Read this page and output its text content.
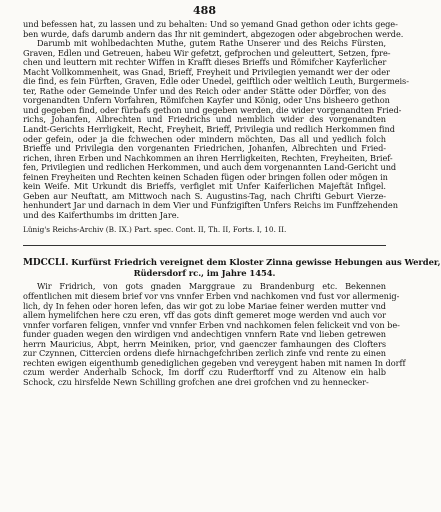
488
und befessen hat, zu lassen und zu behalten: Und so yemand Gnad gethon oder ichts gege-
ben wurde, dafs darumb andern das Ihr nit gemindert, abgezogen oder abgebrochen werde.
Darumb mit wohlbedachten Muthe, gutem Rathe Unserer und des Reichs Fürsten,
Graven, Edlen und Getreuen, habeu Wir gefetzt, gefprochen und geleuttert, Setzen, fpre-
chen und leuttern mit rechter Wiffen in Krafft dieses Brieffs und Römifcher Kayferlicher
Macht Vollkommenheit, was Gnad, Brieff, Freyheit und Privilegien yemandt wer der oder
die find, es fein Fürften, Graven, Edle oder Unedel, geiftlich oder weltlich Leuth, Burgermeis-
ter, Rathe oder Gemeinde Unfer und des Reich oder ander Stätte oder Dörffer, von des
vorgenandten Unfern Vorfahren, Römifchen Kayfer und König, oder Uns bisheero gethon
und gegeben find, oder fürbafs gethon und gegeben werden, die wider vorgenandten Fried-
richs, Johanfen, Albrechten und Friedrichs und nemblich wider des vorgenandten
Landt-Gerichts Herrligkeit, Recht, Freyheit, Brieff, Privilegia und redlich Herkommen find
oder gefein, oder ja die fchwechen oder mindern möchten, Das all und yedlich folch
Brieffe und Privilegia den vorgenanten Friedrichen, Johanfen, Albrechten und Fried-
richen, ihren Erben und Nachkommen an ihren Herrligkeiten, Rechten, Freyheiten, Brief-
fen, Privilegien und redlichen Herkommen, und auch dem vorgenannten Land-Gericht und
feinen Freyheiten und Rechten keinen Schaden fügen oder bringen follen oder mögen in
kein Weife. Mit Urkundt dis Brieffs, verfiglet mit Unfer Kaiferlichen Majeftät Infigel.
Geben aur Neuftatt, am Mittwoch nach S. Augustins-Tag, nach Chrifti Geburt Vierze-
henhundert Jar und darnach in dem Vier und Funfzigiften Unfers Reichs im Funffzehenden
und des Kaiferthumbs im dritten Jare.
Lünig's Reichs-Archiv (B. IX.) Part. spec. Cont. II, Th. II, Forts. I, 10. II.
MDCCLI. Kurfürst Friedrich vereignet dem Kloster Zinna gewisse Hebungen aus Werder,
Rüdersdorf rc., im Jahre 1454.
Wir Fridrich, von gots gnaden Marggraue zu Brandenburg etc. Bekennen
offentlichen mit diesem brief vor vns vnnfer Erben vnd nachkomen vnd fust vor allermenig-
lich, dy In fehen oder horen lefen, das wir got zu lobe Mariae feiner werden mutter vnd
allem hymelifchen here czu eren, vff das gots dinft gemeret moge werden vnd auch vor
vnnfer vorfaren feligen, vnnfer vnd vnnfer Erben vnd nachkomen felen felickeit vnd von be-
funder guaden wegen den wirdigen vnd andechtigen vnnfern Rate vnd lieben getrewen
herrn Mauricius, Abpt, herrn Meiniken, prior, vnd gaenczer famhaungen des Clofters
zur Czynnen, Cittercien ordens diefe hirnachgefchriben zerlich zinfe vnd rente zu einen
rechten ewigen eigenthumb genediglichen gegeben vnd vereygent haben mit namen In dorff
czum werder Anderhalb Schock, Im dorff czu Ruderftorff vnd zu Altenow ein halb
Schock, czu hirsfelde Newn Schilling grofchen ane drei grofchen vnd zu hennecker-
